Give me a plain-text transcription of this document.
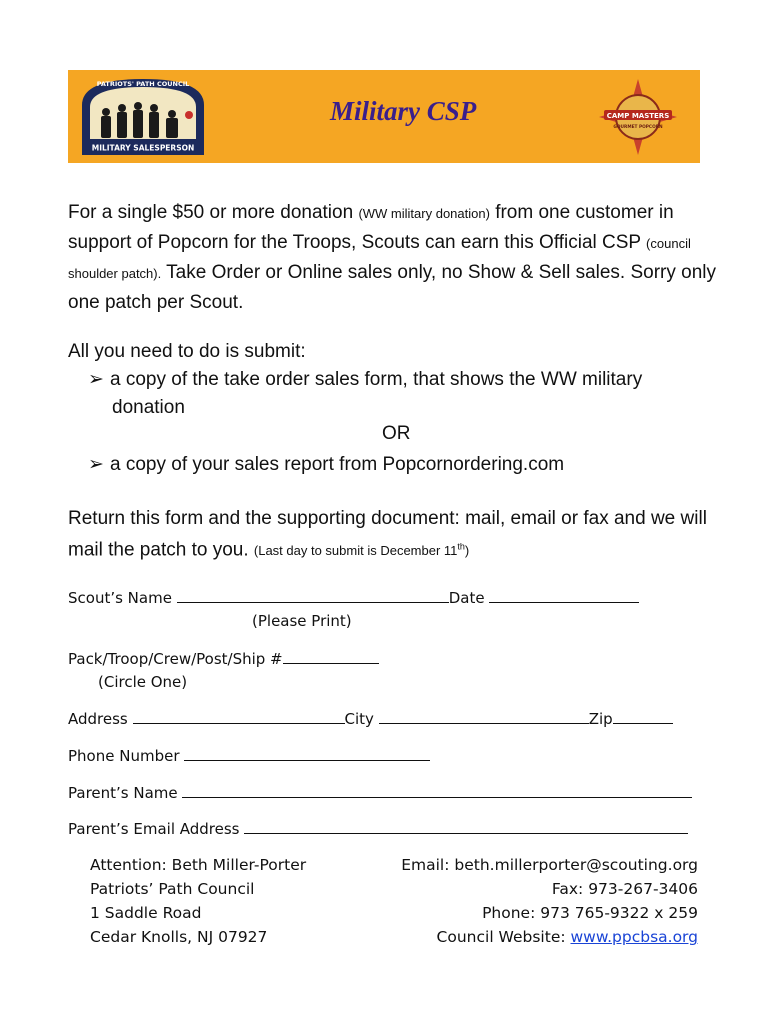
MILITARY SALESPERSON
PATRIOTS' PATH COUNCIL
Military CSP	CAMP MASTERS
GOURMET POPCORN

For a single $50 or more donation (WW military donation) from one customer in support of Popcorn for the Troops, Scouts can earn this Official CSP (council shoulder patch). Take Order or Online sales only, no Show & Sell sales. Sorry only one patch per Scout.

All you need to do is submit:

➢ a copy of the take order sales form, that shows the WW military
donation
OR
➢ a copy of your sales report from Popcornordering.com

Return this form and the supporting document: mail, email or fax and we will mail the patch to you. (Last day to submit is December 11th)

Scout’s Name	Date
(Please Print)
Pack/Troop/Crew/Post/Ship #
(Circle One)
Address	City	Zip
Phone Number
Parent’s Name
Parent’s Email Address
Attention: Beth Miller-Porter
Patriots’ Path Council
1 Saddle Road
Cedar Knolls, NJ 07927
Email: beth.millerporter@scouting.org
Fax: 973-267-3406
Phone: 973 765-9322 x 259
Council Website: www.ppcbsa.org
